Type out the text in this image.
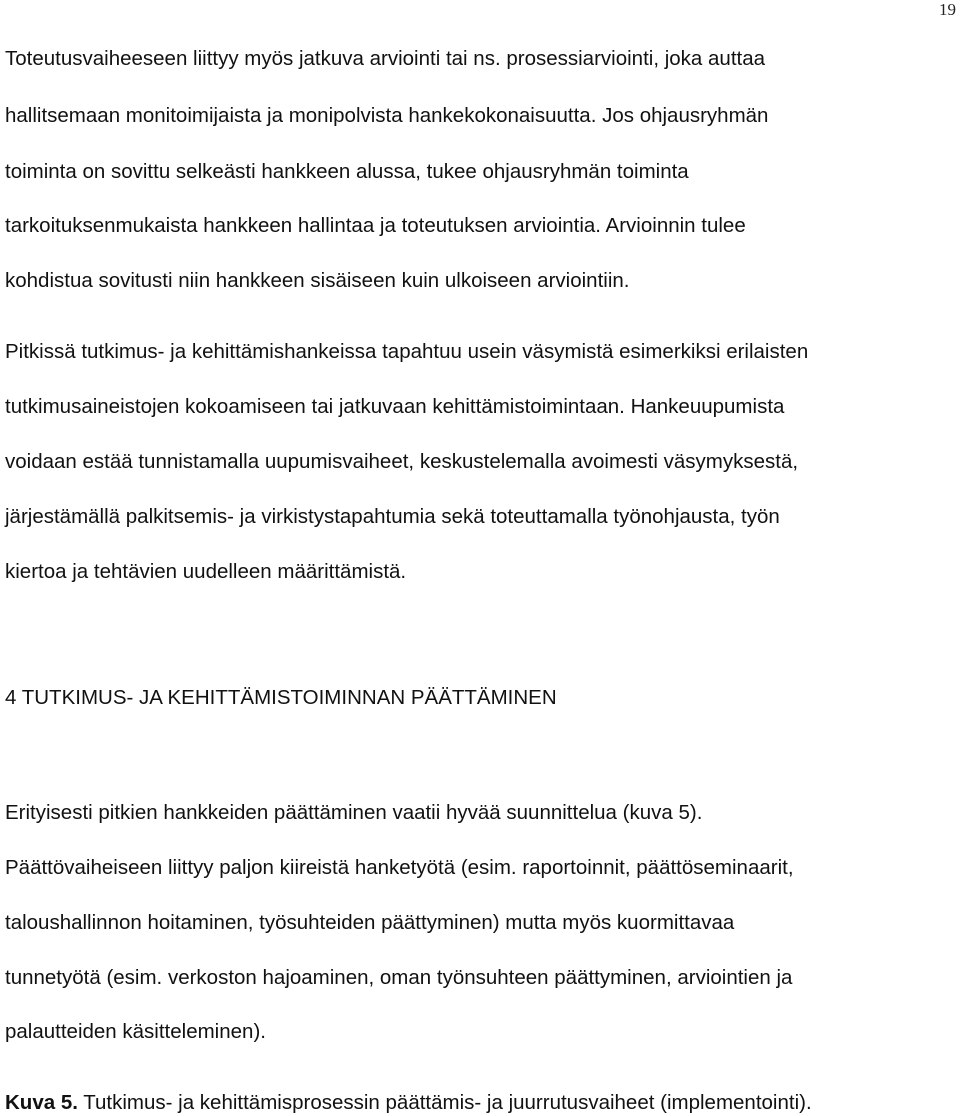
19
Toteutusvaiheeseen liittyy myös jatkuva arviointi tai ns. prosessiarviointi, joka auttaa
hallitsemaan monitoimijaista ja monipolvista hankekokonaisuutta. Jos ohjausryhmän
toiminta on sovittu selkeästi hankkeen alussa, tukee ohjausryhmän toiminta
tarkoituksenmukaista hankkeen hallintaa ja toteutuksen arviointia. Arvioinnin tulee
kohdistua sovitusti niin hankkeen sisäiseen kuin ulkoiseen arviointiin.
Pitkissä tutkimus- ja kehittämishankeissa tapahtuu usein väsymistä esimerkiksi erilaisten
tutkimusaineistojen kokoamiseen tai jatkuvaan kehittämistoimintaan. Hankeuupumista
voidaan estää tunnistamalla uupumisvaiheet, keskustelemalla avoimesti väsymyksestä,
järjestämällä palkitsemis- ja virkistystapahtumia sekä toteuttamalla työnohjausta, työn
kiertoa ja tehtävien uudelleen määrittämistä.
4 TUTKIMUS- JA KEHITTÄMISTOIMINNAN PÄÄTTÄMINEN
Erityisesti pitkien hankkeiden päättäminen vaatii hyvää suunnittelua (kuva 5).
Päättövaiheiseen liittyy paljon kiireistä hanketyötä (esim. raportoinnit, päättöseminaarit,
taloushallinnon hoitaminen, työsuhteiden päättyminen) mutta myös kuormittavaa
tunnetyötä (esim. verkoston hajoaminen, oman työnsuhteen päättyminen, arviointien ja
palautteiden käsitteleminen).
Kuva 5. Tutkimus- ja kehittämisprosessin päättämis- ja juurrutusvaiheet (implementointi).
